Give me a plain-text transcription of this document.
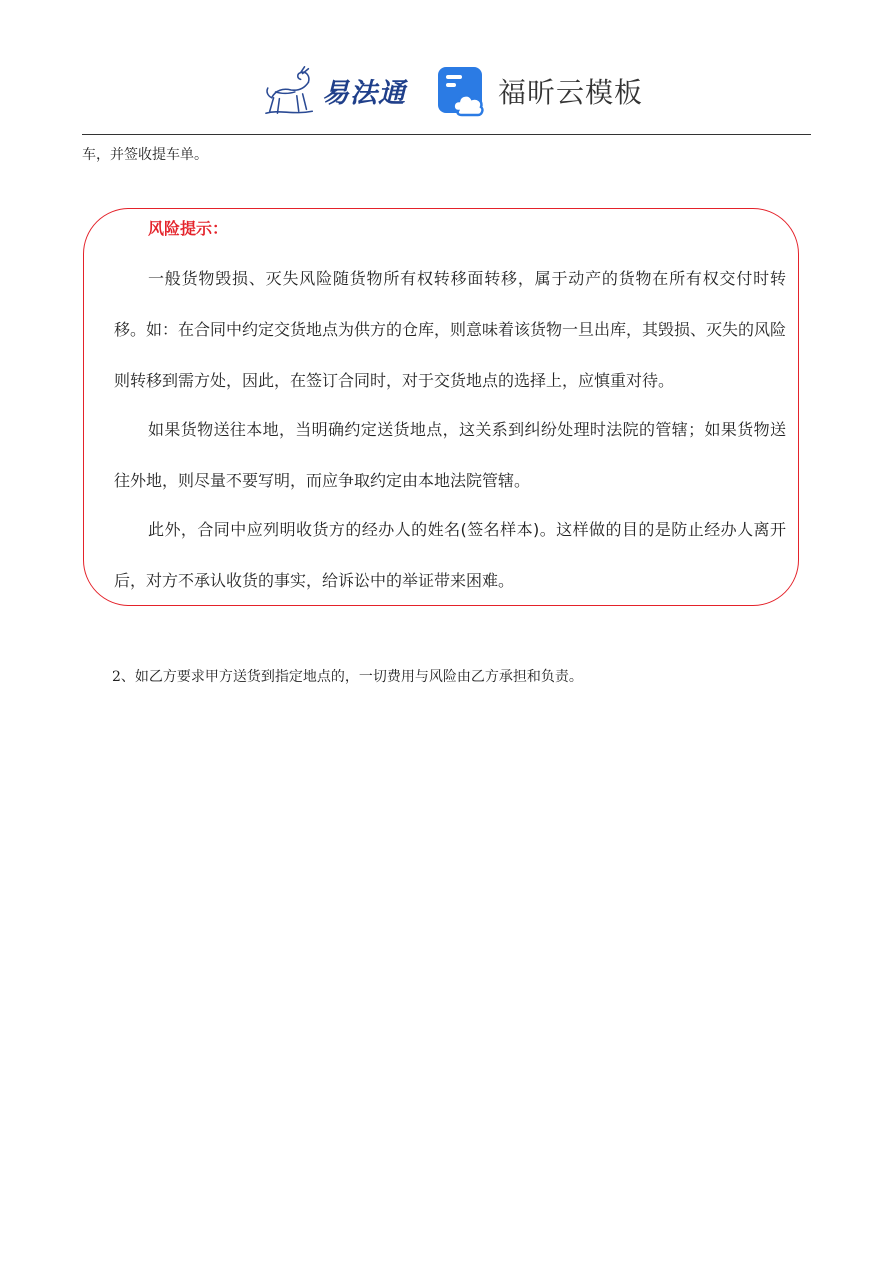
易法通	福昕云模板
车，并签收提车单。
风险提示：

一般货物毁损、灭失风险随货物所有权转移面转移，属于动产的货物在所有权交付时转移。如：在合同中约定交货地点为供方的仓库，则意味着该货物一旦出库，其毁损、灭失的风险则转移到需方处，因此，在签订合同时，对于交货地点的选择上，应慎重对待。

如果货物送往本地，当明确约定送货地点，这关系到纠纷处理时法院的管辖；如果货物送往外地，则尽量不要写明，而应争取约定由本地法院管辖。

此外，合同中应列明收货方的经办人的姓名(签名样本)。这样做的目的是防止经办人离开后，对方不承认收货的事实，给诉讼中的举证带来困难。

2、如乙方要求甲方送货到指定地点的，一切费用与风险由乙方承担和负责。
